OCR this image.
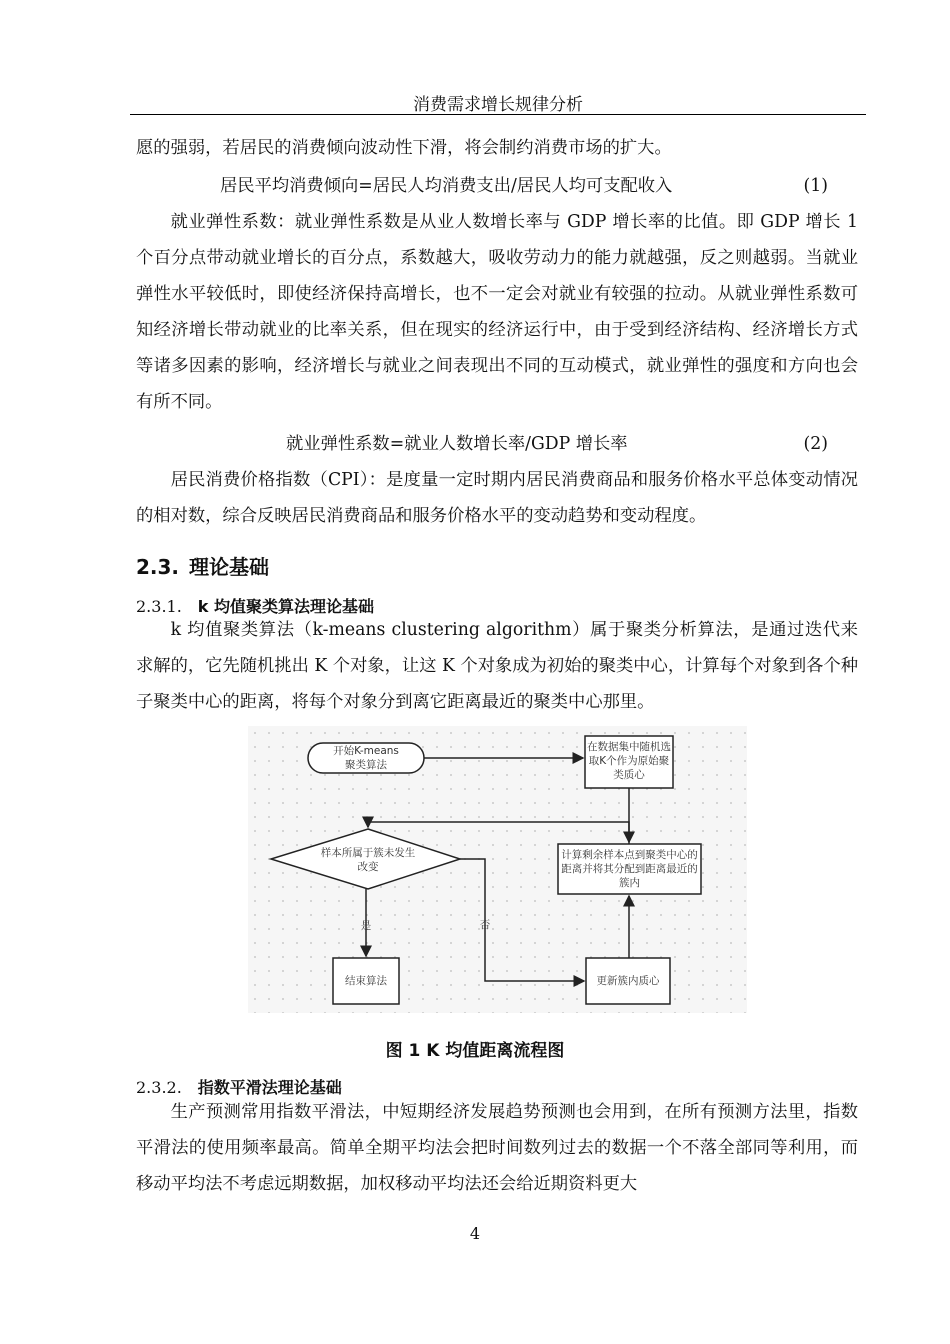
消费需求增长规律分析

愿的强弱，若居民的消费倾向波动性下滑，将会制约消费市场的扩大。

居民平均消费倾向=居民人均消费支出/居民人均可支配收入	(1)

就业弹性系数：就业弹性系数是从业人数增长率与 GDP 增长率的比值。即 GDP 增长 1 个百分点带动就业增长的百分点，系数越大，吸收劳动力的能力就越强，反之则越弱。当就业弹性水平较低时，即使经济保持高增长，也不一定会对就业有较强的拉动。从就业弹性系数可知经济增长带动就业的比率关系，但在现实的经济运行中，由于受到经济结构、经济增长方式等诸多因素的影响，经济增长与就业之间表现出不同的互动模式，就业弹性的强度和方向也会有所不同。

就业弹性系数=就业人数增长率/GDP 增长率	(2)

居民消费价格指数（CPI）：是度量一定时期内居民消费商品和服务价格水平总体变动情况的相对数，综合反映居民消费商品和服务价格水平的变动趋势和变动程度。

2.3. 理论基础
2.3.1. k 均值聚类算法理论基础

k 均值聚类算法（k-means clustering algorithm）属于聚类分析算法，是通过迭代来求解的，它先随机挑出 K 个对象，让这 K 个对象成为初始的聚类中心，计算每个对象到各个种子聚类中心的距离，将每个对象分到离它距离最近的聚类中心那里。

开始K-means
聚类算法
在数据集中随机选
取K个作为原始聚
类质心
计算剩余样本点到聚类中心的
距离并将其分配到距离最近的
簇内
样本所属于簇未发生
改变
是	否
结束算法	更新簇内质心
图 1 K 均值距离流程图
2.3.2. 指数平滑法理论基础

生产预测常用指数平滑法，中短期经济发展趋势预测也会用到，在所有预测方法里，指数平滑法的使用频率最高。简单全期平均法会把时间数列过去的数据一个不落全部同等利用，而移动平均法不考虑远期数据，加权移动平均法还会给近期资料更大

4
